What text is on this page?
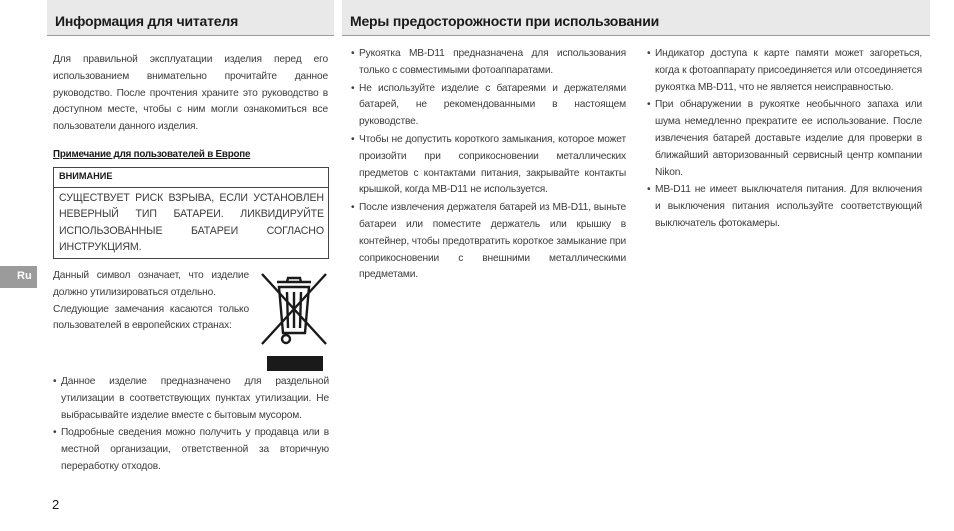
Информация для читателя	Меры предосторожности при использовании

Для правильной эксплуатации изделия перед его использованием внимательно прочитайте данное руководство. После прочтения храните это руководство в доступном месте, чтобы с ним могли ознакомиться все пользователи данного изделия.

Примечание для пользователей в Европе
ВНИМАНИЕ
СУЩЕСТВУЕТ РИСК ВЗРЫВА, ЕСЛИ УСТАНОВЛЕН НЕВЕРНЫЙ ТИП БАТАРЕИ. ЛИКВИДИРУЙТЕ ИСПОЛЬЗОВАННЫЕ БАТАРЕИ СОГЛАСНО ИНСТРУКЦИЯМ.
Ru Данный символ означает, что изделие должно утилизироваться отдельно.

Следующие замечания касаются только пользователей в европейских странах:

• Данное изделие предназначено для раздельной утилизации в соответствующих пунктах утилизации. Не выбрасывайте изделие вместе с бытовым мусором.
• Подробные сведения можно получить у продавца или в местной организации, ответственной за вторичную переработку отходов.
• Рукоятка MB-D11 предназначена для использования только с совместимыми фотоаппаратами.
• Не используйте изделие с батареями и держателями батарей, не рекомендованными в настоящем руководстве.
• Чтобы не допустить короткого замыкания, которое может произойти при соприкосновении металлических предметов с контактами питания, закрывайте контакты крышкой, когда MB-D11 не используется.
• После извлечения держателя батарей из MB-D11, выньте батареи или поместите держатель или крышку в контейнер, чтобы предотвратить короткое замыкание при соприкосновении с внешними металлическими предметами.
• Индикатор доступа к карте памяти может загореться, когда к фотоаппарату присоединяется или отсоединяется рукоятка MB-D11, что не является неисправностью.
• При обнаружении в рукоятке необычного запаха или шума немедленно прекратите ее использование. После извлечения батарей доставьте изделие для проверки в ближайший авторизованный сервисный центр компании Nikon.
• MB-D11 не имеет выключателя питания. Для включения и выключения питания используйте соответствующий выключатель фотокамеры.
2
